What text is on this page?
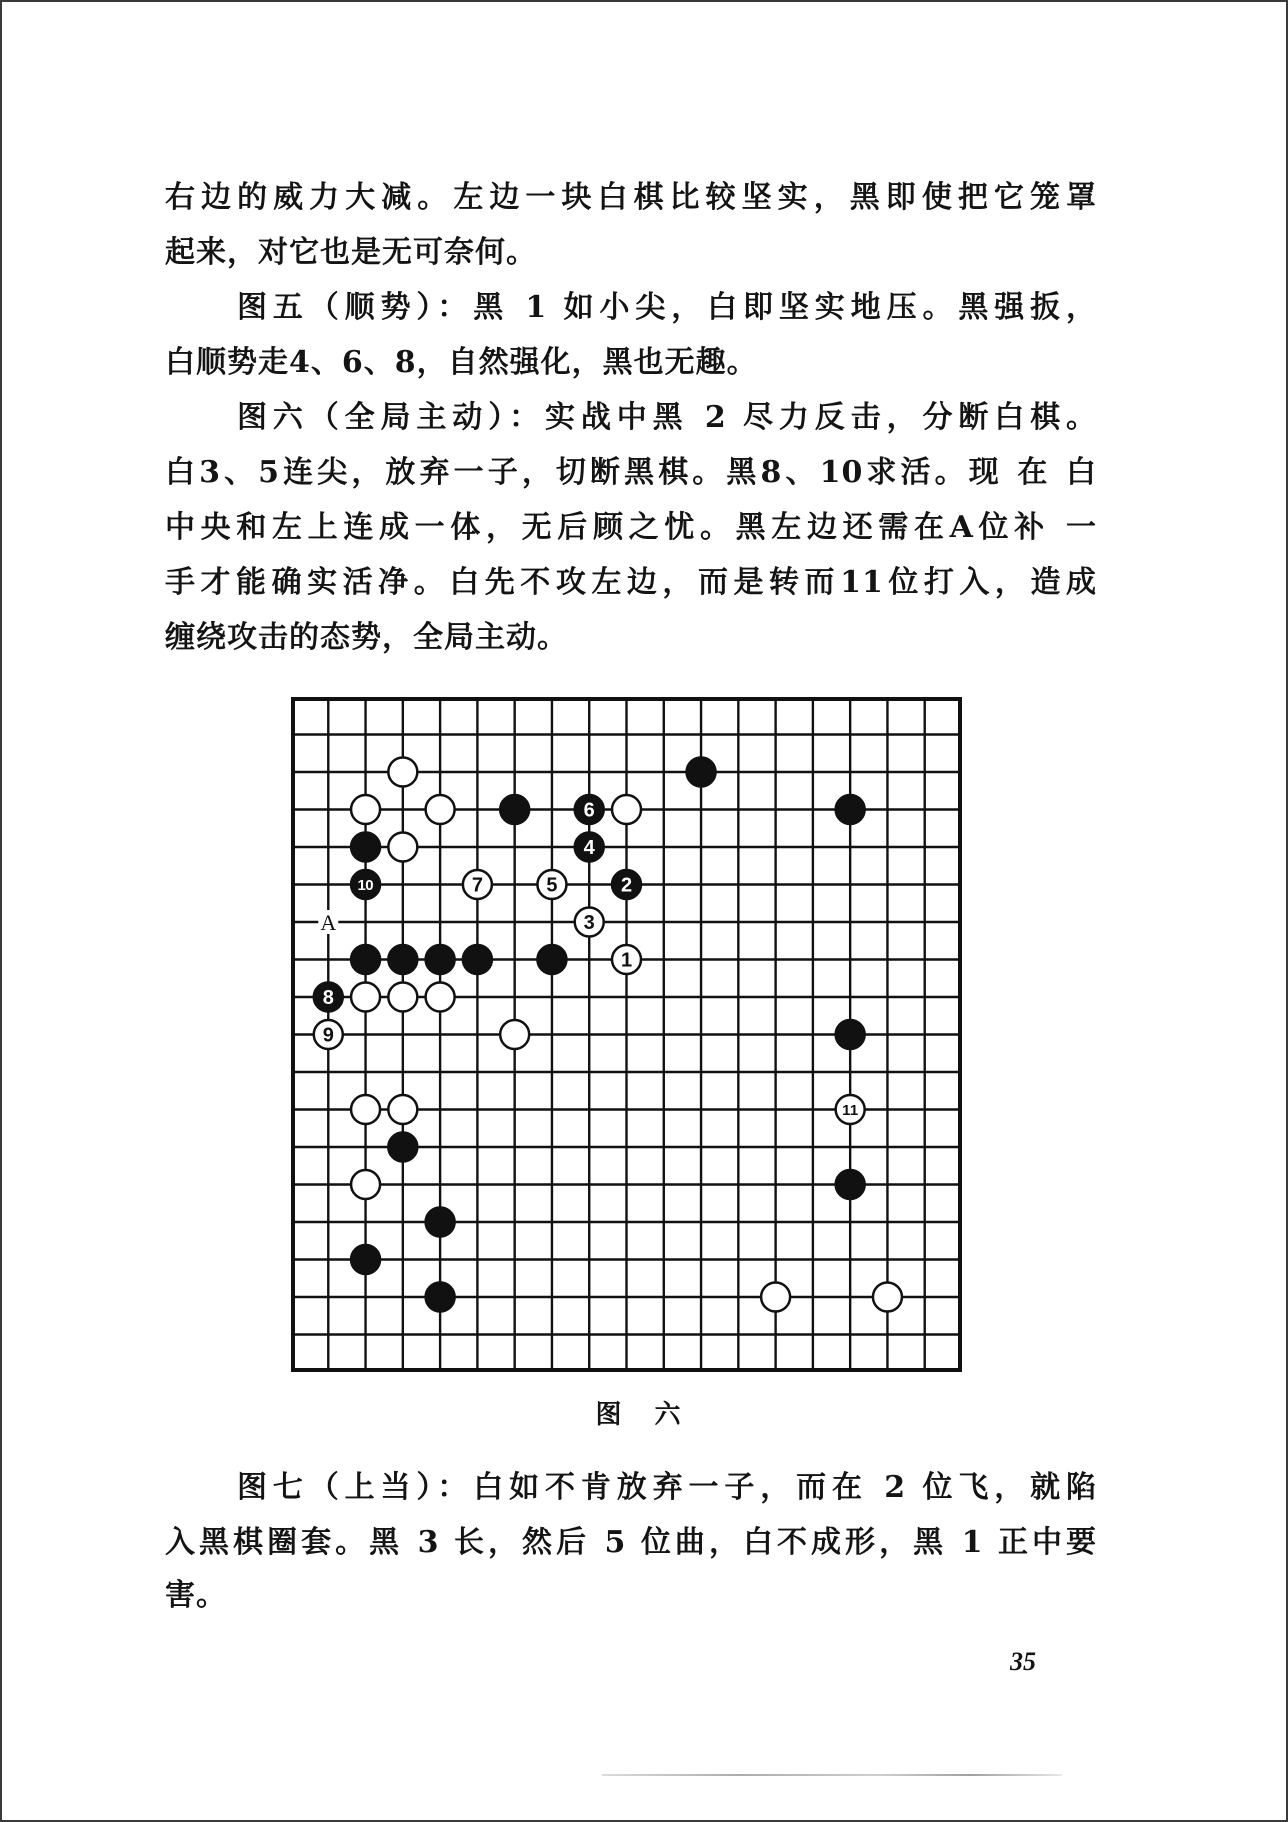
右边的威力大减。左边一块白棋比较坚实，黑即使把它笼罩
起来，对它也是无可奈何。
图五（顺势）：黑 1 如小尖，白即坚实地压。黑强扳，
白顺势走4、6、8，自然强化，黑也无趣。
图六（全局主动）：实战中黑 2 尽力反击，分断白棋。
白3、5连尖，放弃一子，切断黑棋。黑8、10求活。现 在 白
中央和左上连成一体，无后顾之忧。黑左边还需在A位补 一
手才能确实活净。白先不攻左边，而是转而11位打入，造成
缠绕攻击的态势，全局主动。
A
6
4
10	7	5	2
3
1
8
9
11
图 六
图七（上当）：白如不肯放弃一子，而在 2 位飞，就陷
入黑棋圈套。黑 3 长，然后 5 位曲，白不成形，黑 1 正中要
害。
35
